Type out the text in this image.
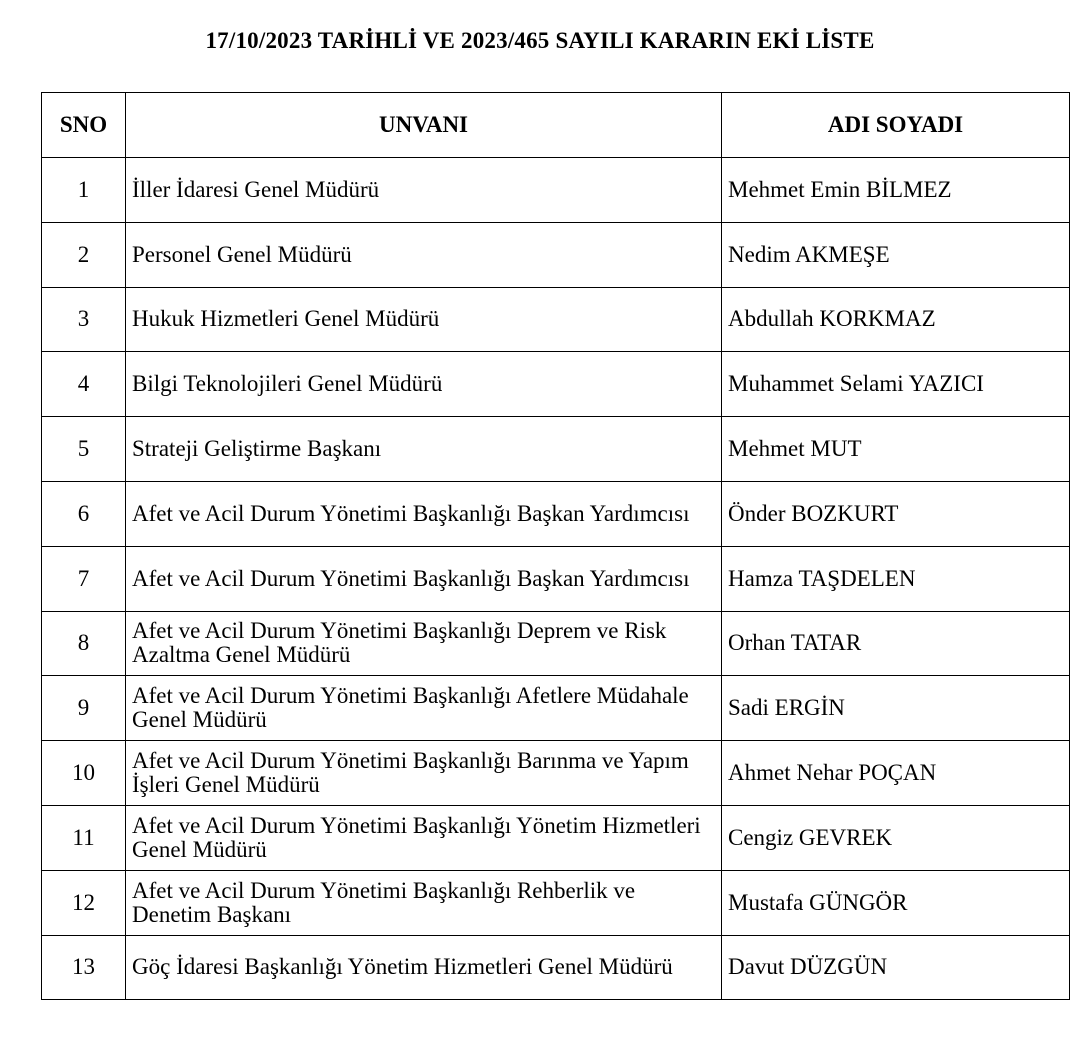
17/10/2023 TARİHLİ VE 2023/465 SAYILI KARARIN EKİ LİSTE
SNO	UNVANI	ADI SOYADI
1	İller İdaresi Genel Müdürü	Mehmet Emin BİLMEZ
2	Personel Genel Müdürü	Nedim AKMEŞE
3	Hukuk Hizmetleri Genel Müdürü	Abdullah KORKMAZ
4	Bilgi Teknolojileri Genel Müdürü	Muhammet Selami YAZICI
5	Strateji Geliştirme Başkanı	Mehmet MUT
6	Afet ve Acil Durum Yönetimi Başkanlığı Başkan Yardımcısı	Önder BOZKURT
7	Afet ve Acil Durum Yönetimi Başkanlığı Başkan Yardımcısı	Hamza TAŞDELEN
8	Afet ve Acil Durum Yönetimi Başkanlığı Deprem ve Risk Azaltma Genel Müdürü	Orhan TATAR
9	Afet ve Acil Durum Yönetimi Başkanlığı Afetlere Müdahale Genel Müdürü	Sadi ERGİN
10	Afet ve Acil Durum Yönetimi Başkanlığı Barınma ve Yapım İşleri Genel Müdürü	Ahmet Nehar POÇAN
11	Afet ve Acil Durum Yönetimi Başkanlığı Yönetim Hizmetleri Genel Müdürü	Cengiz GEVREK
12	Afet ve Acil Durum Yönetimi Başkanlığı Rehberlik ve Denetim Başkanı	Mustafa GÜNGÖR
13	Göç İdaresi Başkanlığı Yönetim Hizmetleri Genel Müdürü	Davut DÜZGÜN
